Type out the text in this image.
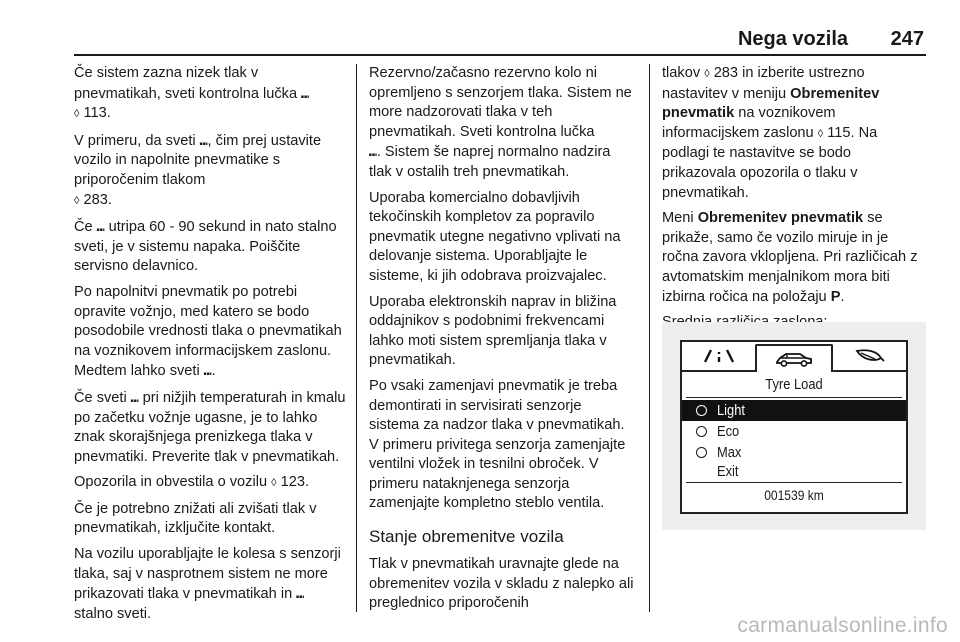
Nega vozila 247

Če sistem zazna nizek tlak v pnevmatikah, sveti kontrolna lučka ⑉
◊ 113.

V primeru, da sveti ⑉, čim prej ustavite vozilo in napolnite pnevmatike s priporočenim tlakom
◊ 283.

Če ⑉ utripa 60 - 90 sekund in nato stalno sveti, je v sistemu napaka. Poiščite servisno delavnico.

Po napolnitvi pnevmatik po potrebi opravite vožnjo, med katero se bodo posodobile vrednosti tlaka o pnevmatikah na voznikovem informacijskem zaslonu. Medtem lahko sveti ⑉.

Če sveti ⑉ pri nižjih temperaturah in kmalu po začetku vožnje ugasne, je to lahko znak skorajšnjega prenizkega tlaka v pnevmatiki. Preverite tlak v pnevmatikah.

Opozorila in obvestila o vozilu ◊ 123.

Če je potrebno znižati ali zvišati tlak v pnevmatikah, izključite kontakt.

Na vozilu uporabljajte le kolesa s senzorji tlaka, saj v nasprotnem sistem ne more prikazovati tlaka v pnevmatikah in ⑉ stalno sveti.

Rezervno/začasno rezervno kolo ni opremljeno s senzorjem tlaka. Sistem ne more nadzorovati tlaka v teh pnevmatikah. Sveti kontrolna lučka
⑉. Sistem še naprej normalno nadzira tlak v ostalih treh pnevmatikah.

Uporaba komercialno dobavljivih tekočinskih kompletov za popravilo pnevmatik utegne negativno vplivati na delovanje sistema. Uporabljajte le sisteme, ki jih odobrava proizvajalec.

Uporaba elektronskih naprav in bližina oddajnikov s podobnimi frekvencami lahko moti sistem spremljanja tlaka v pnevmatikah.

Po vsaki zamenjavi pnevmatik je treba demontirati in servisirati senzorje sistema za nadzor tlaka v pnevmatikah. V primeru privitega senzorja zamenjajte ventilni vložek in tesnilni obroček. V primeru nataknjenega senzorja zamenjajte kompletno steblo ventila.

Stanje obremenitve vozila

Tlak v pnevmatikah uravnajte glede na obremenitev vozila v skladu z nalepko ali preglednico priporočenih

tlakov ◊ 283 in izberite ustrezno nastavitev v meniju Obremenitev pnevmatik na voznikovem informacijskem zaslonu ◊ 115. Na podlagi te nastavitve se bodo prikazovala opozorila o tlaku v pnevmatikah.

Meni Obremenitev pnevmatik se prikaže, samo če vozilo miruje in je ročna zavora vklopljena. Pri različicah z avtomatskim menjalnikom mora biti izbirna ročica na položaju P.

Tyre Load
Light
Eco
Max
Exit
001539 km
carmanualsonline.info
